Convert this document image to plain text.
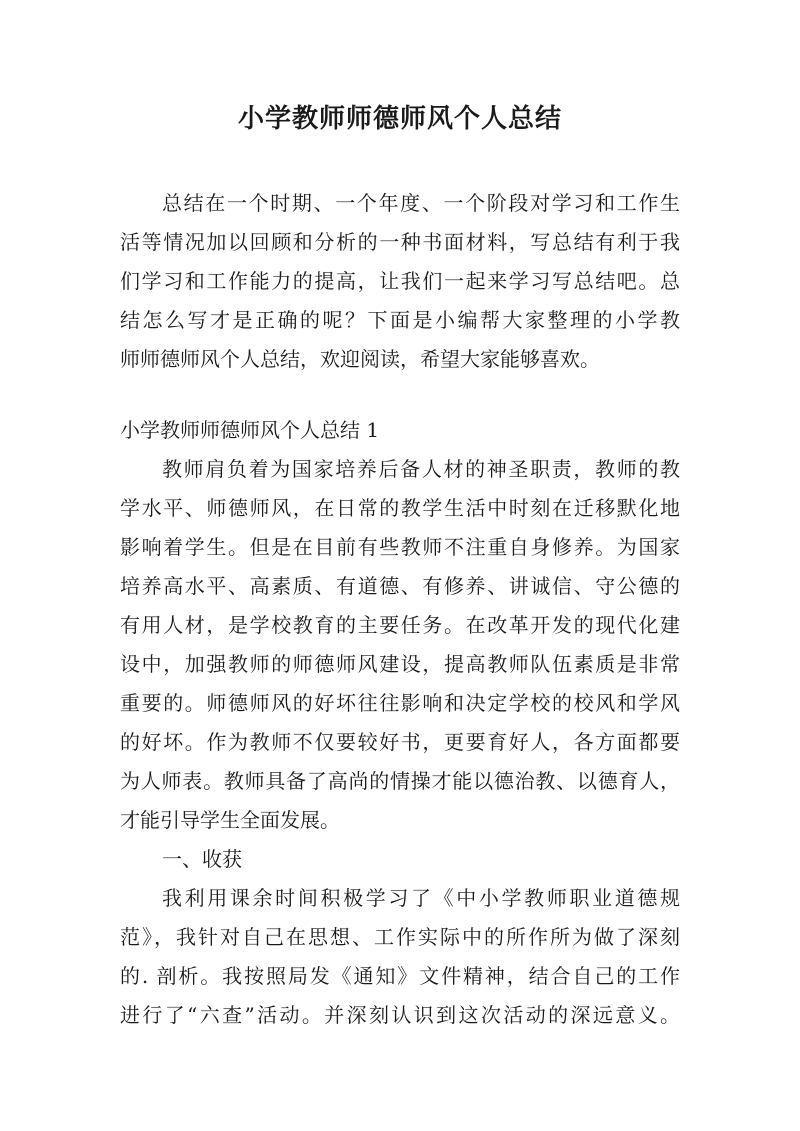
小学教师师德师风个人总结
总结在一个时期、一个年度、一个阶段对学习和工作生
活等情况加以回顾和分析的一种书面材料，写总结有利于我
们学习和工作能力的提高，让我们一起来学习写总结吧。总
结怎么写才是正确的呢？下面是小编帮大家整理的小学教
师师德师风个人总结，欢迎阅读，希望大家能够喜欢。
小学教师师德师风个人总结 1
教师肩负着为国家培养后备人材的神圣职责，教师的教
学水平、师德师风，在日常的教学生活中时刻在迁移默化地
影响着学生。但是在目前有些教师不注重自身修养。为国家
培养高水平、高素质、有道德、有修养、讲诚信、守公德的
有用人材，是学校教育的主要任务。在改革开发的现代化建
设中，加强教师的师德师风建设，提高教师队伍素质是非常
重要的。师德师风的好坏往往影响和决定学校的校风和学风
的好坏。作为教师不仅要较好书，更要育好人，各方面都要
为人师表。教师具备了高尚的情操才能以德治教、以德育人，
才能引导学生全面发展。
一、收获
我利用课余时间积极学习了《中小学教师职业道德规
范》，我针对自己在思想、工作实际中的所作所为做了深刻
的. 剖析。我按照局发《通知》文件精神，结合自己的工作
进行了“六查”活动。并深刻认识到这次活动的深远意义。
